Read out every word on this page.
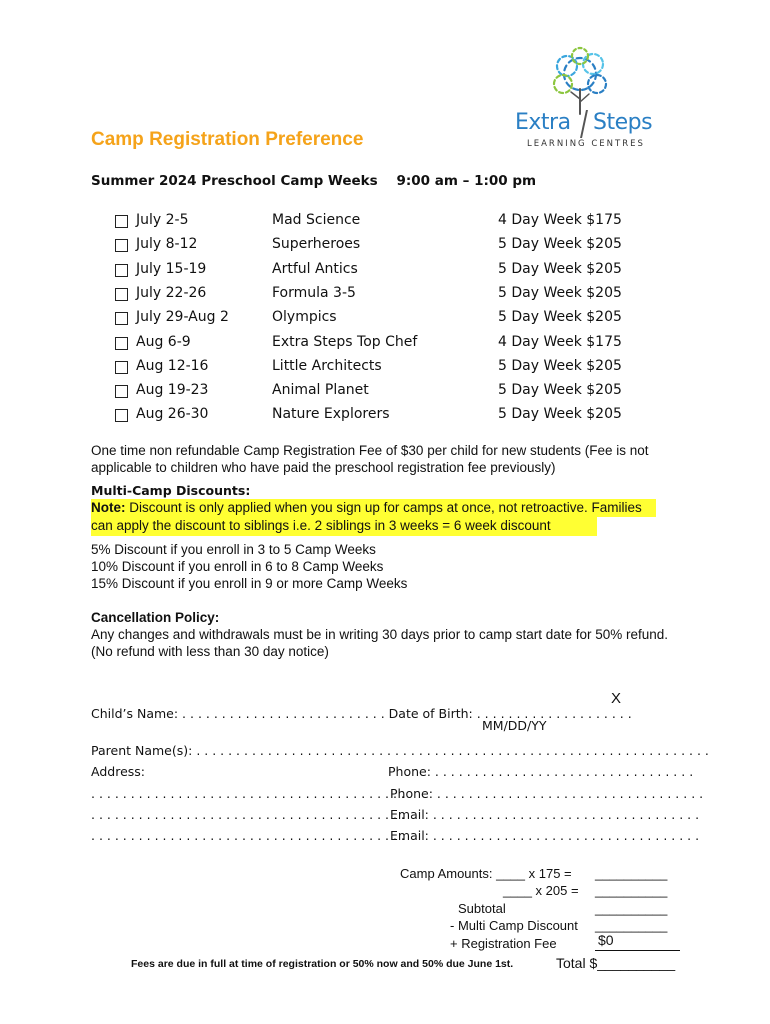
Extra Steps
LEARNING CENTRES
Camp Registration Preference
Summer 2024 Preschool Camp Weeks    9:00 am – 1:00 pm
July 2-5	Mad Science	4 Day Week $175
July 8-12	Superheroes	5 Day Week $205
July 15-19	Artful Antics	5 Day Week $205
July 22-26	Formula 3-5	5 Day Week $205
July 29-Aug 2	Olympics	5 Day Week $205
Aug 6-9	Extra Steps Top Chef	4 Day Week $175
Aug 12-16	Little Architects	5 Day Week $205
Aug 19-23	Animal Planet	5 Day Week $205
Aug 26-30	Nature Explorers	5 Day Week $205
One time non refundable Camp Registration Fee of $30 per child for new students (Fee is not
applicable to children who have paid the preschool registration fee previously)
Multi-Camp Discounts:
Note: Discount is only applied when you sign up for camps at once, not retroactive. Families
can apply the discount to siblings i.e. 2 siblings in 3 weeks = 6 week discount
5% Discount if you enroll in 3 to 5 Camp Weeks
10% Discount if you enroll in 6 to 8 Camp Weeks
15% Discount if you enroll in 9 or more Camp Weeks
Cancellation Policy:
Any changes and withdrawals must be in writing 30 days prior to camp start date for 50% refund.
(No refund with less than 30 day notice)
X
Child’s Name: . . . . . . . . . . . . . . . . . . . . . . . . . . Date of Birth: . . . . . . . . . . . . . . . . . . . .
MM/DD/YY
Parent Name(s): . . . . . . . . . . . . . . . . . . . . . . . . . . . . . . . . . . . . . . . . . . . . . . . . . . . . . . . . . . . . . . . . .
Address:	Phone: . . . . . . . . . . . . . . . . . . . . . . . . . . . . . . . . .
. . . . . . . . . . . . . . . . . . . . . . . . . . . . . . . . . . . . . . . .
Phone: . . . . . . . . . . . . . . . . . . . . . . . . . . . . . . . . . .
. . . . . . . . . . . . . . . . . . . . . . . . . . . . . . . . . . . . . . . .
Email: . . . . . . . . . . . . . . . . . . . . . . . . . . . . . . . . . .
. . . . . . . . . . . . . . . . . . . . . . . . . . . . . . . . . . . . . . . .
Email: . . . . . . . . . . . . . . . . . . . . . . . . . . . . . . . . . .
Camp Amounts: ____ x 175 = __________
____ x 205 = __________
Subtotal	__________
- Multi Camp Discount __________
+ Registration Fee	$0
Fees are due in full at time of registration or 50% now and 50% due June 1st.	Total $__________
